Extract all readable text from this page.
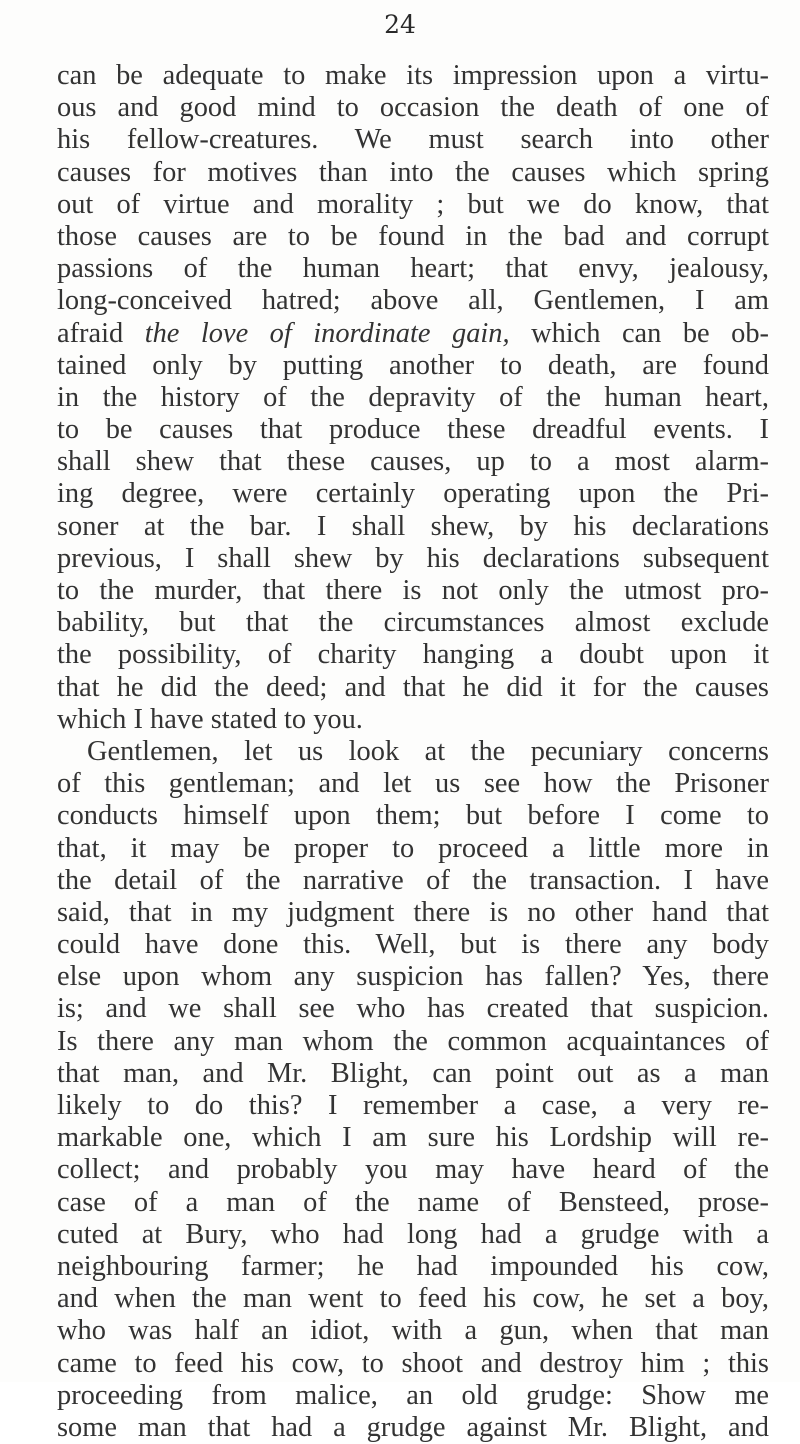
24
can be adequate to make its impression upon a virtu-
ous and good mind to occasion the death of one of
his fellow-creatures. We must search into other
causes for motives than into the causes which spring
out of virtue and morality ; but we do know, that
those causes are to be found in the bad and corrupt
passions of the human heart; that envy, jealousy,
long-conceived hatred; above all, Gentlemen, I am
afraid the love of inordinate gain, which can be ob-
tained only by putting another to death, are found
in the history of the depravity of the human heart,
to be causes that produce these dreadful events. I
shall shew that these causes, up to a most alarm-
ing degree, were certainly operating upon the Pri-
soner at the bar. I shall shew, by his declarations
previous, I shall shew by his declarations subsequent
to the murder, that there is not only the utmost pro-
bability, but that the circumstances almost exclude
the possibility, of charity hanging a doubt upon it
that he did the deed; and that he did it for the causes
which I have stated to you.
Gentlemen, let us look at the pecuniary concerns
of this gentleman; and let us see how the Prisoner
conducts himself upon them; but before I come to
that, it may be proper to proceed a little more in
the detail of the narrative of the transaction. I have
said, that in my judgment there is no other hand that
could have done this. Well, but is there any body
else upon whom any suspicion has fallen? Yes, there
is; and we shall see who has created that suspicion.
Is there any man whom the common acquaintances of
that man, and Mr. Blight, can point out as a man
likely to do this? I remember a case, a very re-
markable one, which I am sure his Lordship will re-
collect; and probably you may have heard of the
case of a man of the name of Bensteed, prose-
cuted at Bury, who had long had a grudge with a
neighbouring farmer; he had impounded his cow,
and when the man went to feed his cow, he set a boy,
who was half an idiot, with a gun, when that man
came to feed his cow, to shoot and destroy him ; this
proceeding from malice, an old grudge: Show me
some man that had a grudge against Mr. Blight, and
